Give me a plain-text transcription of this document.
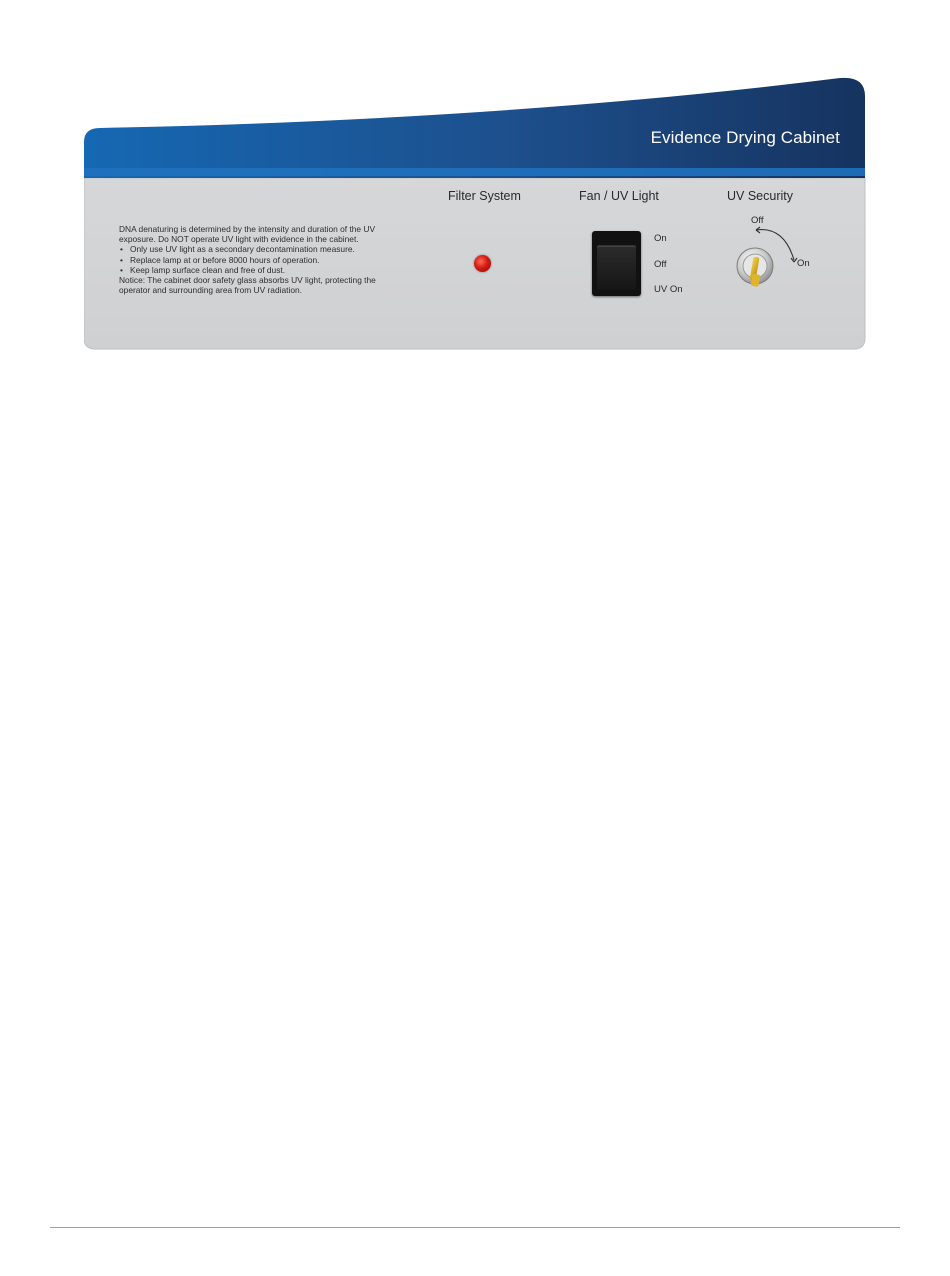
Evidence Drying Cabinet

DNA denaturing is determined by the intensity and duration of the UV exposure. Do NOT operate UV light with evidence in the cabinet.

• Only use UV light as a secondary decontamination measure.
• Replace lamp at or before 8000 hours of operation.
• Keep lamp surface clean and free of dust.

Notice: The cabinet door safety glass absorbs UV light, protecting the operator and surrounding area from UV radiation.

Filter System	Fan / UV Light
On
Off
UV On
UV Security
Off
On
